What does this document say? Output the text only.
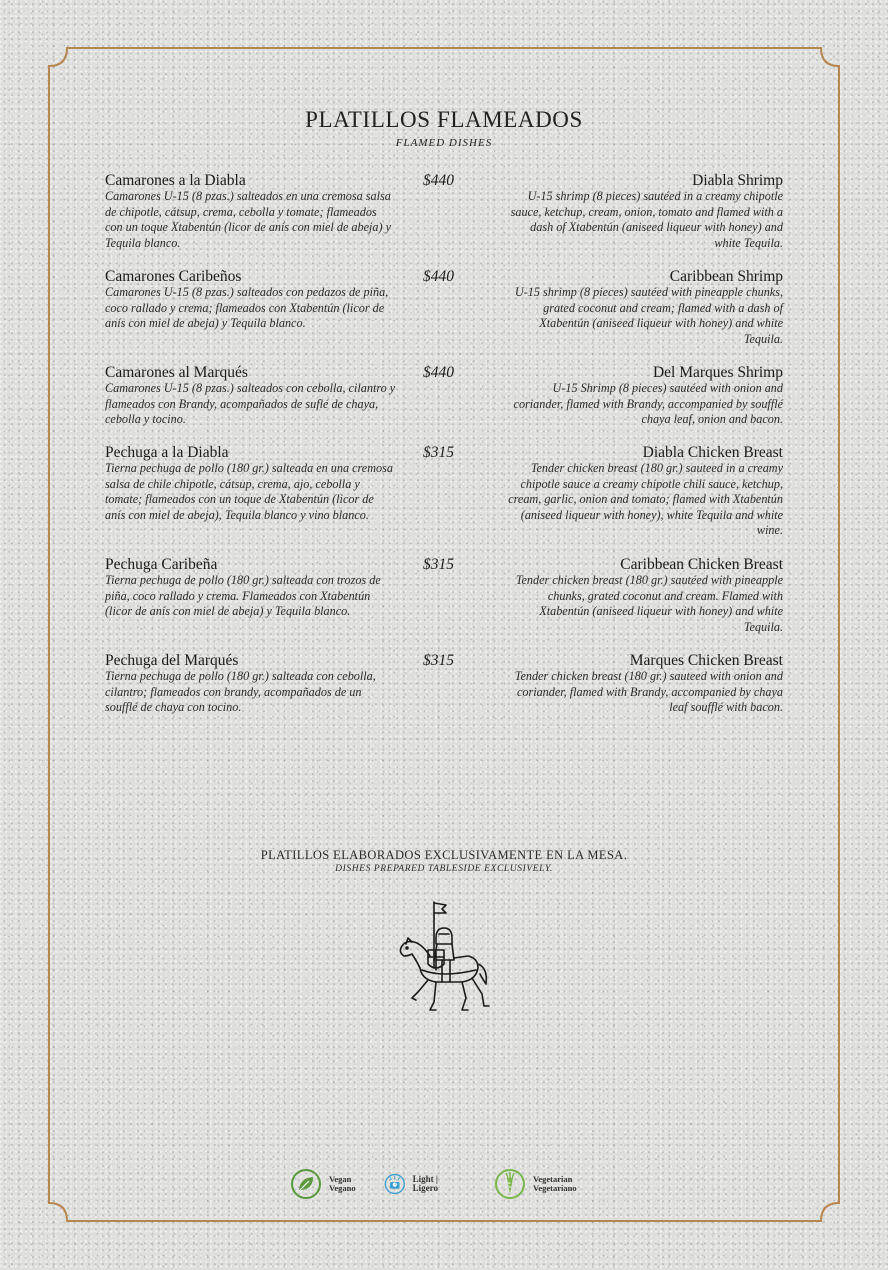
PLATILLOS FLAMEADOS
FLAMED DISHES
Camarones a la Diabla	$440
Camarones U-15 (8 pzas.) salteados en una cremosa salsa de chipotle, cátsup, crema, cebolla y tomate; flameados con un toque Xtabentún (licor de anís con miel de abeja) y Tequila blanco.
Diabla Shrimp
U-15 shrimp (8 pieces) sautéed in a creamy chipotle sauce, ketchup, cream, onion, tomato and flamed with a dash of Xtabentún (aniseed liqueur with honey) and white Tequila.
Camarones Caribeños	$440
Camarones U-15 (8 pzas.) salteados con pedazos de piña, coco rallado y crema; flameados con Xtabentún (licor de anís con miel de abeja) y Tequila blanco.
Caribbean Shrimp
U-15 shrimp (8 pieces) sautéed with pineapple chunks, grated coconut and cream; flamed with a dash of Xtabentún (aniseed liqueur with honey) and white Tequila.
Camarones al Marqués	$440
Camarones U-15 (8 pzas.) salteados con cebolla, cilantro y flameados con Brandy, acompañados de suflé de chaya, cebolla y tocino.
Del Marques Shrimp
U-15 Shrimp (8 pieces) sautéed with onion and coriander, flamed with Brandy, accompanied by soufflé chaya leaf, onion and bacon.
Pechuga a la Diabla	$315
Tierna pechuga de pollo (180 gr.) salteada en una cremosa salsa de chile chipotle, cátsup, crema, ajo, cebolla y tomate; flameados con un toque de Xtabentún (licor de anís con miel de abeja), Tequila blanco y vino blanco.
Diabla Chicken Breast
Tender chicken breast (180 gr.) sauteed in a creamy chipotle sauce a creamy chipotle chili sauce, ketchup, cream, garlic, onion and tomato; flamed with Xtabentún (aniseed liqueur with honey), white Tequila and white wine.
Pechuga Caribeña	$315
Tierna pechuga de pollo (180 gr.) salteada con trozos de piña, coco rallado y crema. Flameados con Xtabentún (licor de anís con miel de abeja) y Tequila blanco.
Caribbean Chicken Breast
Tender chicken breast (180 gr.) sautéed with pineapple chunks, grated coconut and cream. Flamed with Xtabentún (aniseed liqueur with honey) and white Tequila.
Pechuga del Marqués	$315
Tierna pechuga de pollo (180 gr.) salteada con cebolla, cilantro; flameados con brandy, acompañados de un soufflé de chaya con tocino.
Marques Chicken Breast
Tender chicken breast (180 gr.) sauteed with onion and coriander, flamed with Brandy, accompanied by chaya leaf soufflé with bacon.
PLATILLOS ELABORADOS EXCLUSIVAMENTE EN LA MESA.
DISHES PREPARED TABLESIDE EXCLUSIVELY.
Vegan
Vegano
Light | Ligero
Vegetarian
Vegetariano
